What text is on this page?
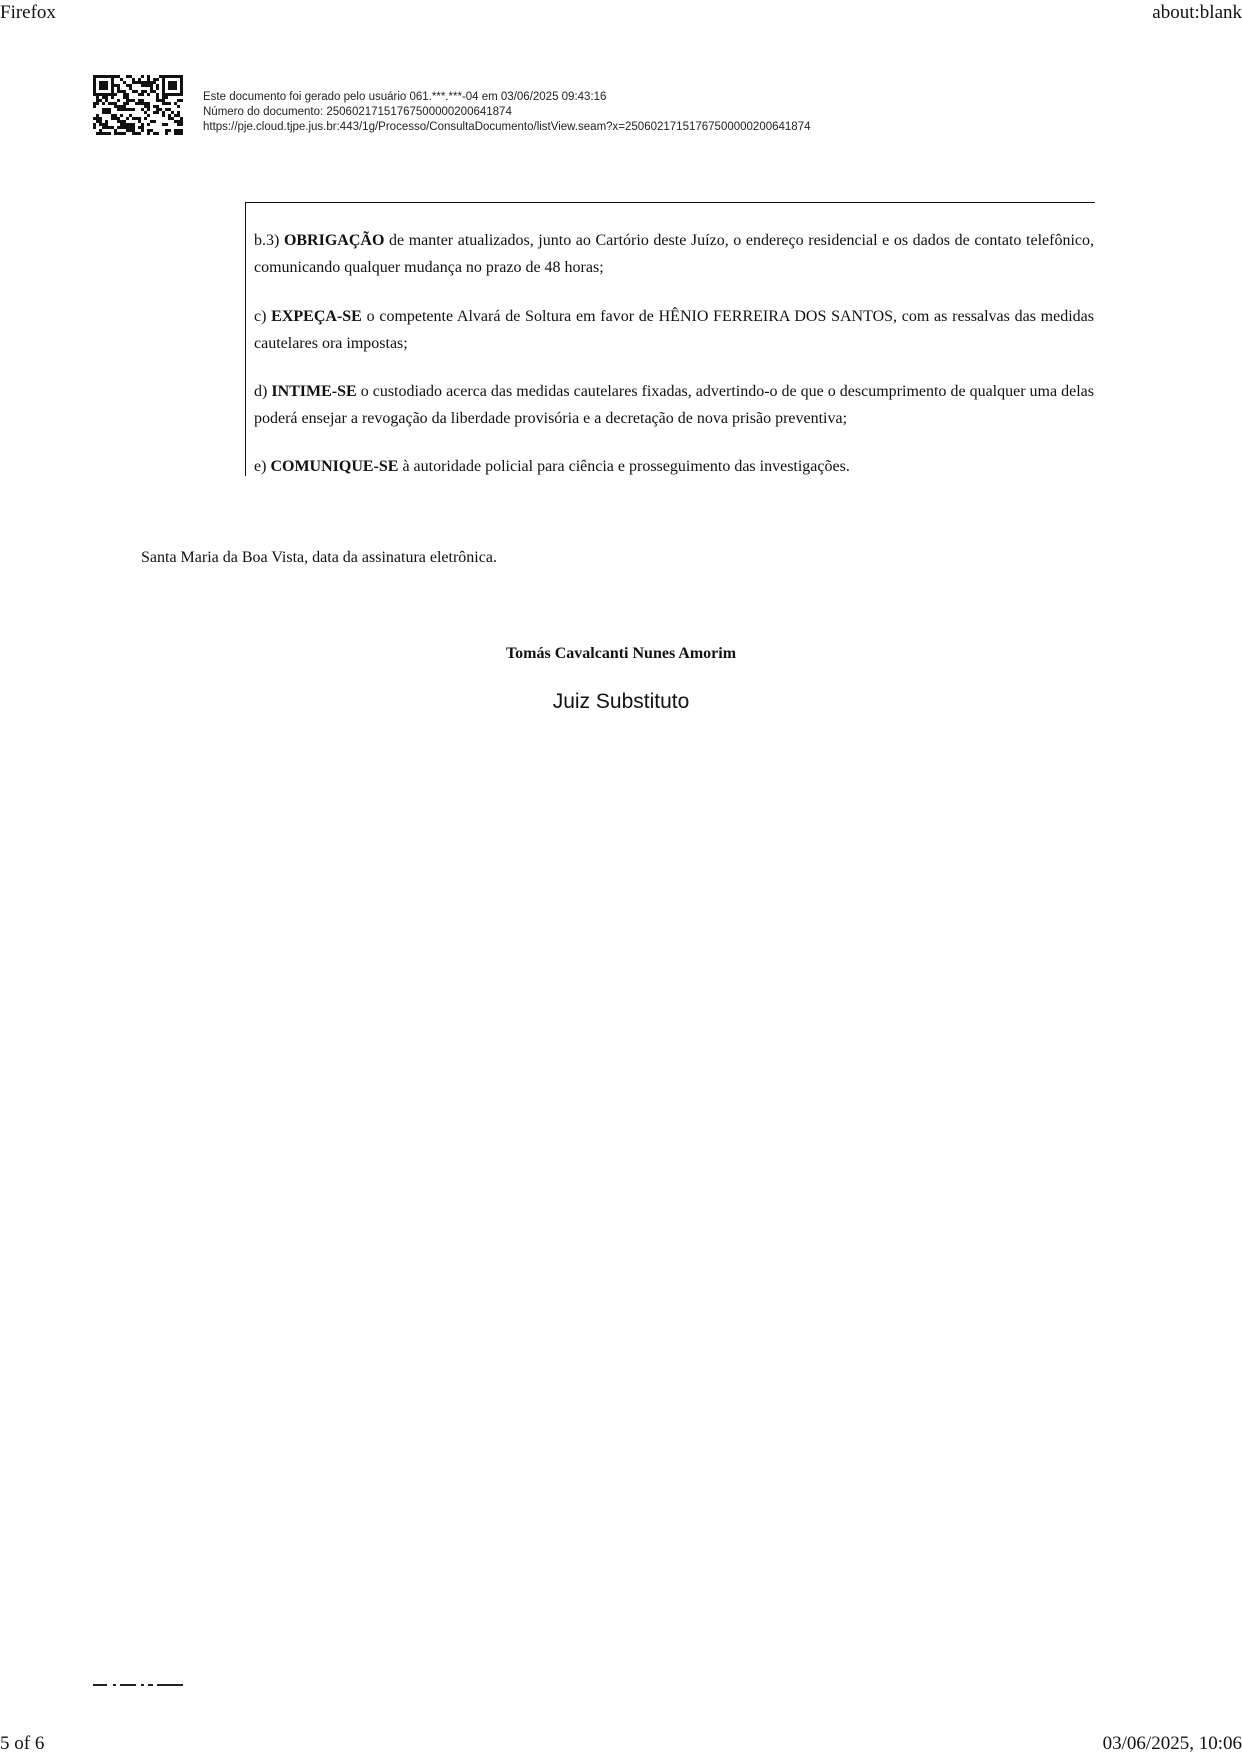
Firefox	about:blank
Este documento foi gerado pelo usuário 061.***.***-04 em 03/06/2025 09:43:16
Número do documento: 25060217151767500000200641874
https://pje.cloud.tjpe.jus.br:443/1g/Processo/ConsultaDocumento/listView.seam?x=25060217151767500000200641874
b.3) OBRIGAÇÃO de manter atualizados, junto ao Cartório deste Juízo, o endereço residencial e os dados de contato telefônico, comunicando qualquer mudança no prazo de 48 horas;
c) EXPEÇA-SE o competente Alvará de Soltura em favor de HÊNIO FERREIRA DOS SANTOS, com as ressalvas das medidas cautelares ora impostas;
d) INTIME-SE o custodiado acerca das medidas cautelares fixadas, advertindo-o de que o descumprimento de qualquer uma delas poderá ensejar a revogação da liberdade provisória e a decretação de nova prisão preventiva;
e) COMUNIQUE-SE à autoridade policial para ciência e prosseguimento das investigações.
Santa Maria da Boa Vista, data da assinatura eletrônica.
Tomás Cavalcanti Nunes Amorim
Juiz Substituto
5 of 6	03/06/2025, 10:06
